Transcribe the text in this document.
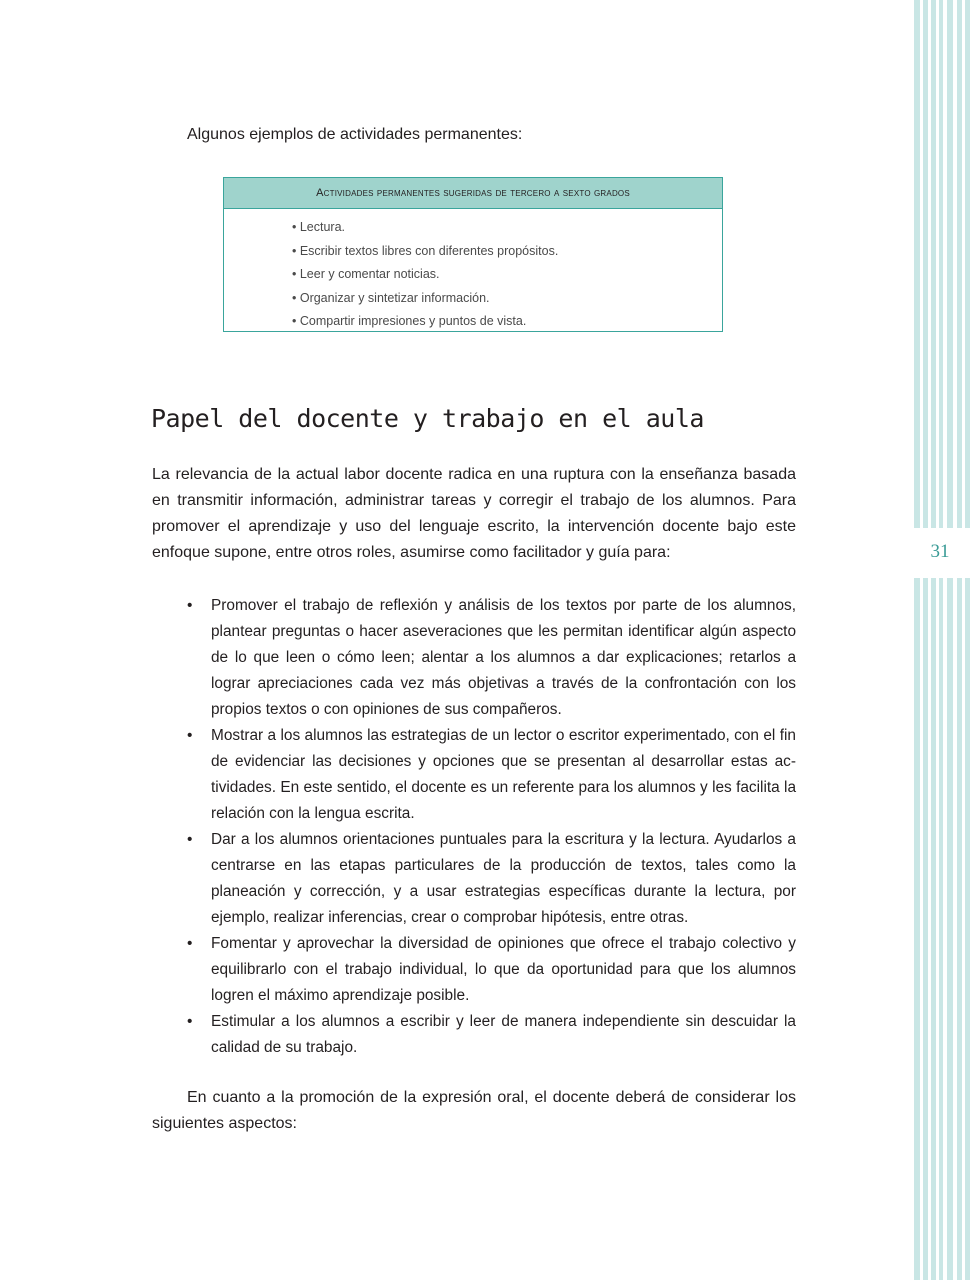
31
Algunos ejemplos de actividades permanentes:
Actividades permanentes sugeridas de tercero a sexto grados
• Lectura.
• Escribir textos libres con diferentes propósitos.
• Leer y comentar noticias.
• Organizar y sintetizar información.
• Compartir impresiones y puntos de vista.
Papel del docente y trabajo en el aula

La relevancia de la actual labor docente radica en una ruptura con la enseñanza basada en transmitir información, administrar tareas y corregir el trabajo de los alumnos. Para promover el aprendizaje y uso del lenguaje escrito, la intervención docente bajo este enfoque supone, entre otros roles, asumirse como facilitador y guía para:

• Promover el trabajo de reflexión y análisis de los textos por parte de los alumnos, plantear preguntas o hacer aseveraciones que les permitan identificar algún aspecto de lo que leen o cómo leen; alentar a los alumnos a dar explicaciones; retarlos a lograr apreciaciones cada vez más objetivas a través de la confrontación con los propios textos o con opiniones de sus compañeros.
• Mostrar a los alumnos las estrategias de un lector o escritor experimentado, con el fin de evidenciar las decisiones y opciones que se presentan al desarrollar estas ac-tividades. En este sentido, el docente es un referente para los alumnos y les facilita la relación con la lengua escrita.
• Dar a los alumnos orientaciones puntuales para la escritura y la lectura. Ayudarlos a centrarse en las etapas particulares de la producción de textos, tales como la planeación y corrección, y a usar estrategias específicas durante la lectura, por ejemplo, realizar inferencias, crear o comprobar hipótesis, entre otras.
• Fomentar y aprovechar la diversidad de opiniones que ofrece el trabajo colectivo y equilibrarlo con el trabajo individual, lo que da oportunidad para que los alumnos logren el máximo aprendizaje posible.
• Estimular a los alumnos a escribir y leer de manera independiente sin descuidar la calidad de su trabajo.

En cuanto a la promoción de la expresión oral, el docente deberá de considerar los siguientes aspectos:
